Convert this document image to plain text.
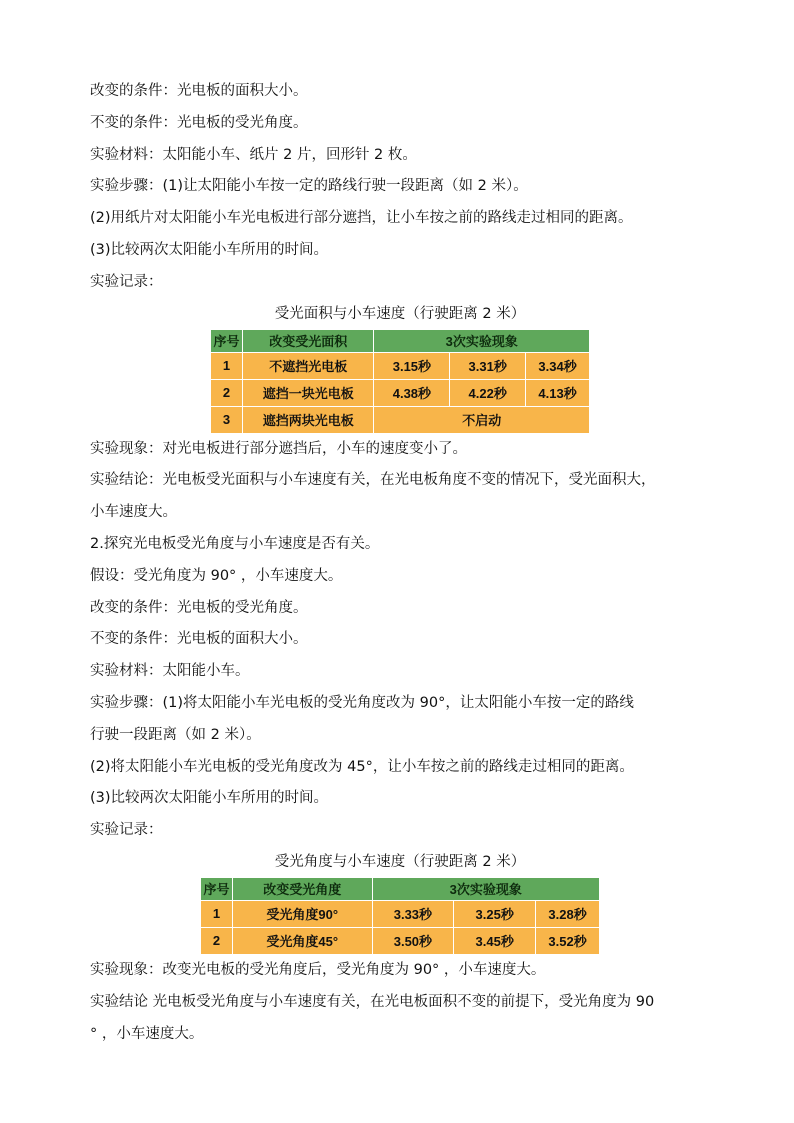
改变的条件：光电板的面积大小。
不变的条件：光电板的受光角度。
实验材料：太阳能小车、纸片 2 片，回形针 2 枚。
实验步骤：(1)让太阳能小车按一定的路线行驶一段距离（如 2 米）。
(2)用纸片对太阳能小车光电板进行部分遮挡，让小车按之前的路线走过相同的距离。
(3)比较两次太阳能小车所用的时间。
实验记录：
受光面积与小车速度（行驶距离 2 米）
序号	改变受光面积	3次实验现象		
1	不遮挡光电板	3.15秒	3.31秒	3.34秒
2	遮挡一块光电板	4.38秒	4.22秒	4.13秒
3	遮挡两块光电板	不启动		
实验现象：对光电板进行部分遮挡后，小车的速度变小了。
实验结论：光电板受光面积与小车速度有关，在光电板角度不变的情况下，受光面积大，
小车速度大。
2.探究光电板受光角度与小车速度是否有关。
假设：受光角度为 90° ，小车速度大。
改变的条件：光电板的受光角度。
不变的条件：光电板的面积大小。
实验材料：太阳能小车。
实验步骤：(1)将太阳能小车光电板的受光角度改为 90°，让太阳能小车按一定的路线
行驶一段距离（如 2 米）。
(2)将太阳能小车光电板的受光角度改为 45°，让小车按之前的路线走过相同的距离。
(3)比较两次太阳能小车所用的时间。
实验记录：
受光角度与小车速度（行驶距离 2 米）
序号	改变受光角度	3次实验现象		
1	受光角度90°	3.33秒	3.25秒	3.28秒
2	受光角度45°	3.50秒	3.45秒	3.52秒
实验现象：改变光电板的受光角度后，受光角度为 90° ，小车速度大。
实验结论 光电板受光角度与小车速度有关，在光电板面积不变的前提下，受光角度为 90
° ，小车速度大。
